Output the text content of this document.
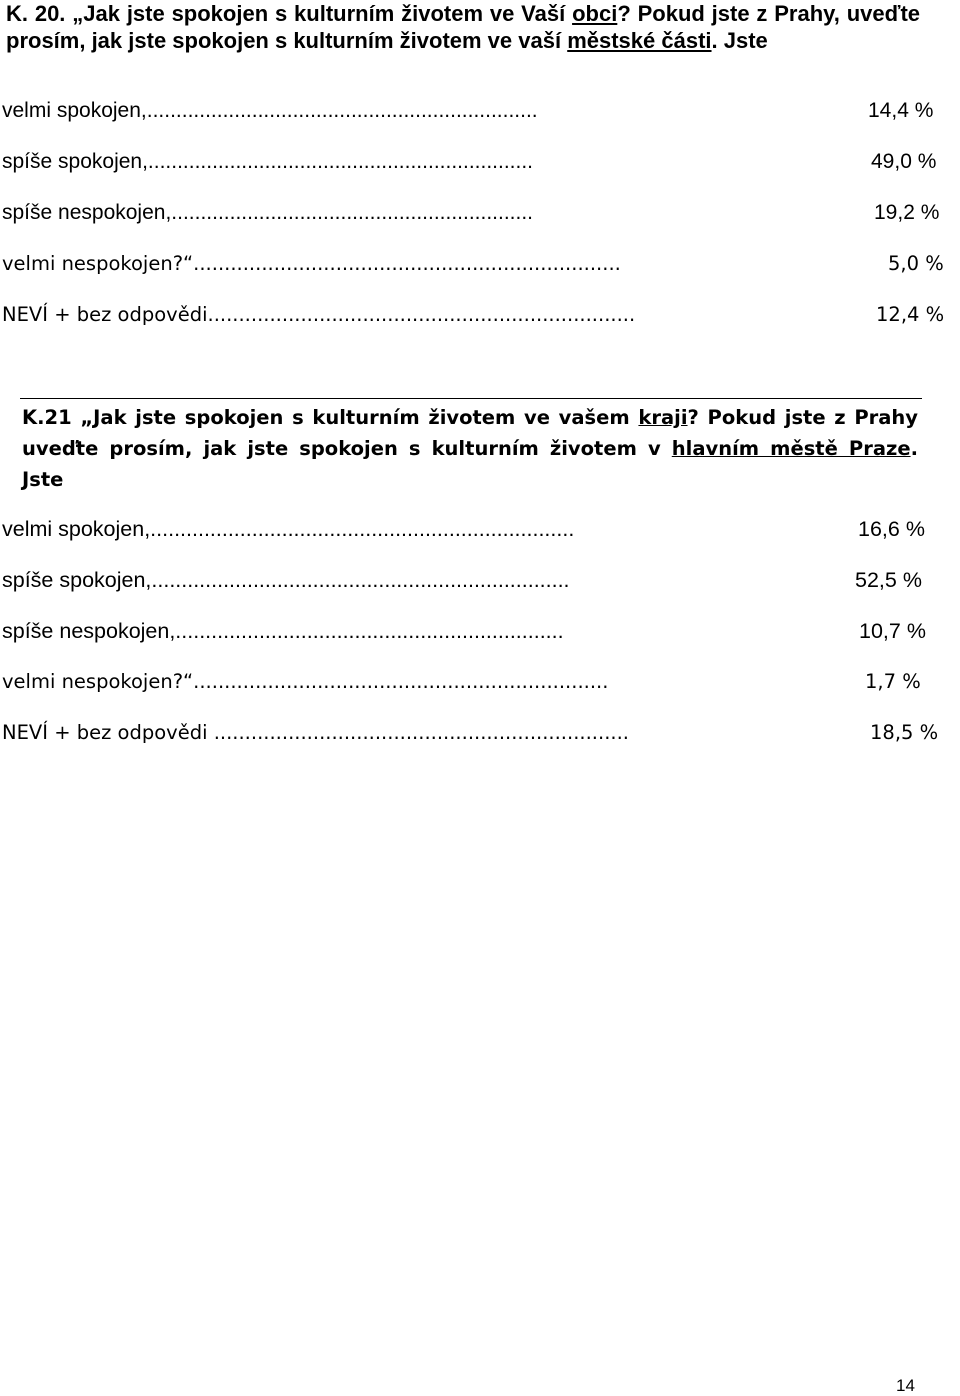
K. 20. „Jak jste spokojen s kulturním životem ve Vaší obci? Pokud jste z Prahy, uveďte prosím, jak jste spokojen s kulturním životem ve vaší městské části. Jste
velmi spokojen,...................................................................	14,4 %
spíše spokojen,..................................................................	49,0 %
spíše nespokojen,..............................................................	19,2 %
velmi nespokojen?“.....................................................................	5,0 %
NEVÍ + bez odpovědi.....................................................................	12,4 %
K.21 „Jak jste spokojen s kulturním životem ve vašem kraji? Pokud jste z Prahy uveďte prosím, jak jste spokojen s kulturním životem v hlavním městě Praze. Jste
velmi spokojen,.......................................................................	16,6 %
spíše spokojen,......................................................................	52,5 %
spíše nespokojen,.................................................................	10,7 %
velmi nespokojen?“...................................................................	1,7 %
NEVÍ + bez odpovědi ...................................................................	18,5 %
14
